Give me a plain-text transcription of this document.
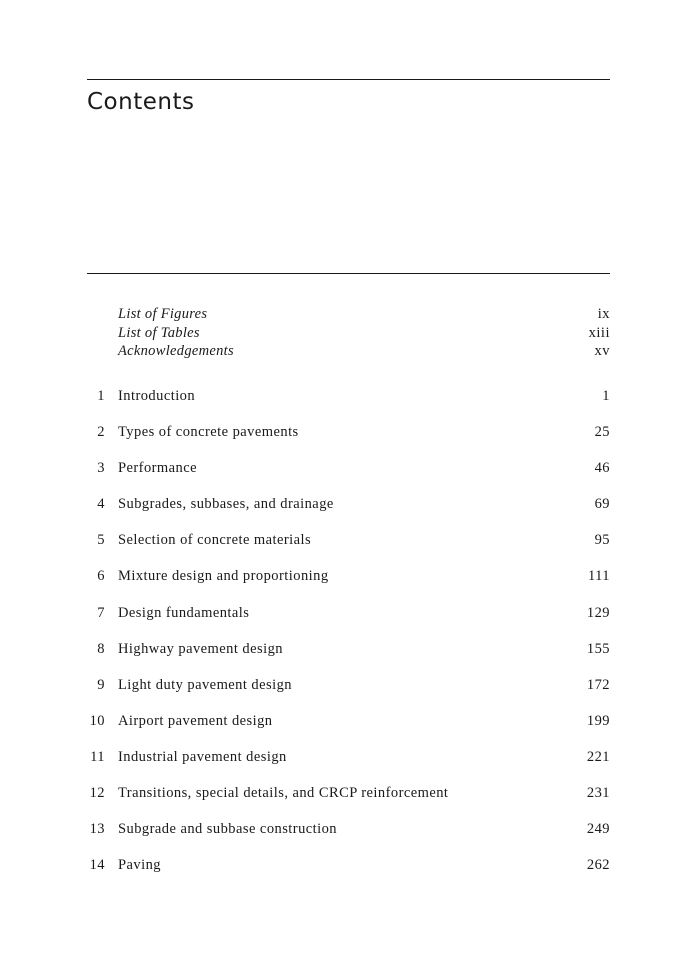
Contents
List of Figures	ix
List of Tables	xiii
Acknowledgements	xv
1 Introduction	1
2 Types of concrete pavements	25
3 Performance	46
4 Subgrades, subbases, and drainage	69
5 Selection of concrete materials	95
6 Mixture design and proportioning	111
7 Design fundamentals	129
8 Highway pavement design	155
9 Light duty pavement design	172
10 Airport pavement design	199
11 Industrial pavement design	221
12 Transitions, special details, and CRCP reinforcement	231
13 Subgrade and subbase construction	249
14 Paving	262
